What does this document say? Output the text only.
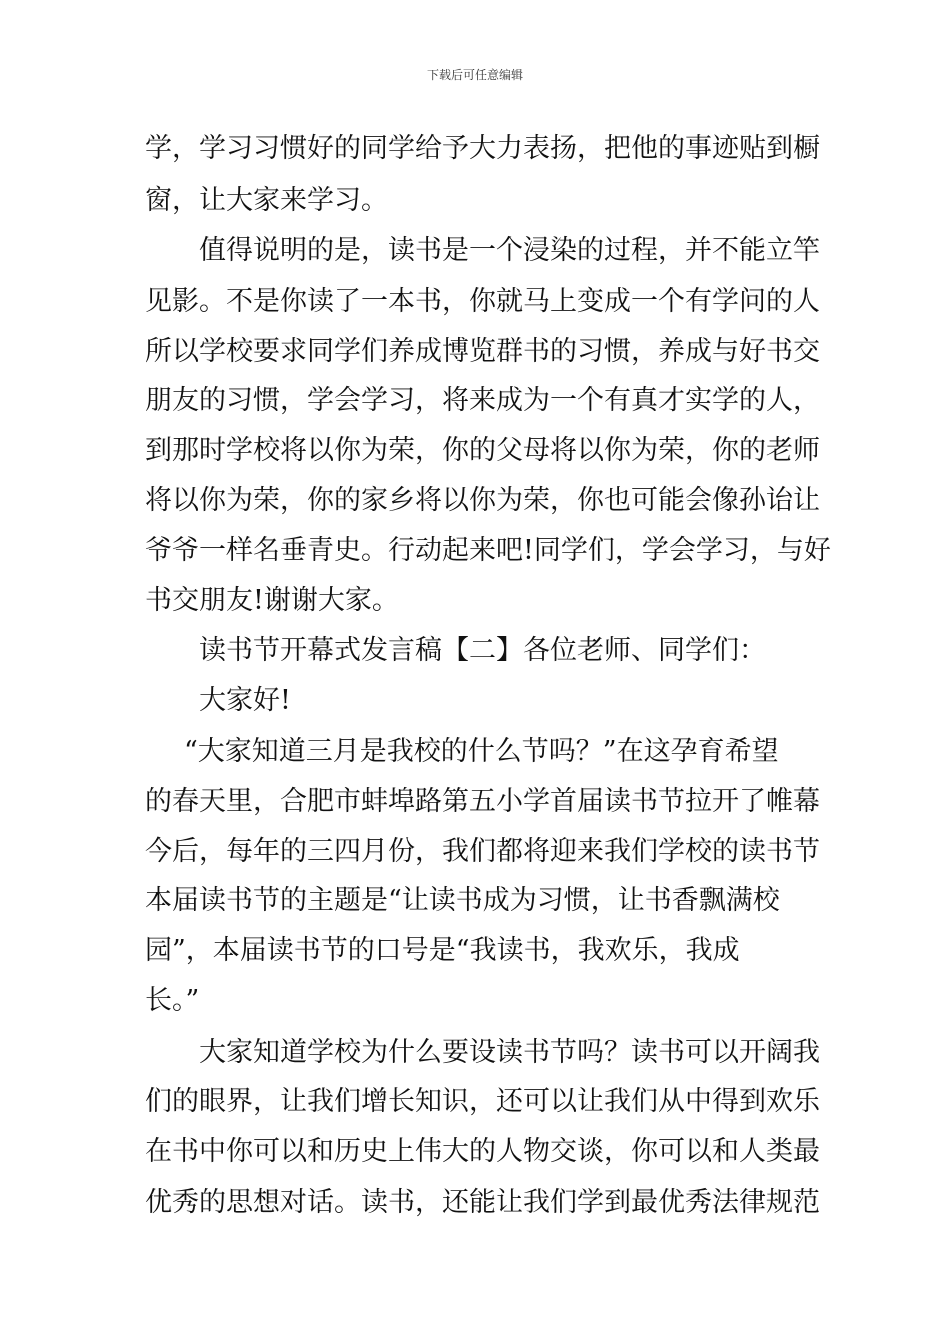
下载后可任意编辑
学，学习习惯好的同学给予大力表扬，把他的事迹贴到橱
窗，让大家来学习。
值得说明的是，读书是一个浸染的过程，并不能立竿
见影。不是你读了一本书，你就马上变成一个有学问的人
所以学校要求同学们养成博览群书的习惯，养成与好书交
朋友的习惯，学会学习，将来成为一个有真才实学的人，
到那时学校将以你为荣，你的父母将以你为荣，你的老师
将以你为荣，你的家乡将以你为荣，你也可能会像孙诒让
爷爷一样名垂青史。行动起来吧!同学们，学会学习，与好
书交朋友!谢谢大家。
读书节开幕式发言稿【二】各位老师、同学们：
大家好!
“大家知道三月是我校的什么节吗？”在这孕育希望
的春天里，合肥市蚌埠路第五小学首届读书节拉开了帷幕
今后，每年的三四月份，我们都将迎来我们学校的读书节
本届读书节的主题是“让读书成为习惯，让书香飘满校
园”，本届读书节的口号是“我读书，我欢乐，我成
长。”
大家知道学校为什么要设读书节吗？读书可以开阔我
们的眼界，让我们增长知识，还可以让我们从中得到欢乐
在书中你可以和历史上伟大的人物交谈，你可以和人类最
优秀的思想对话。读书，还能让我们学到最优秀法律规范
